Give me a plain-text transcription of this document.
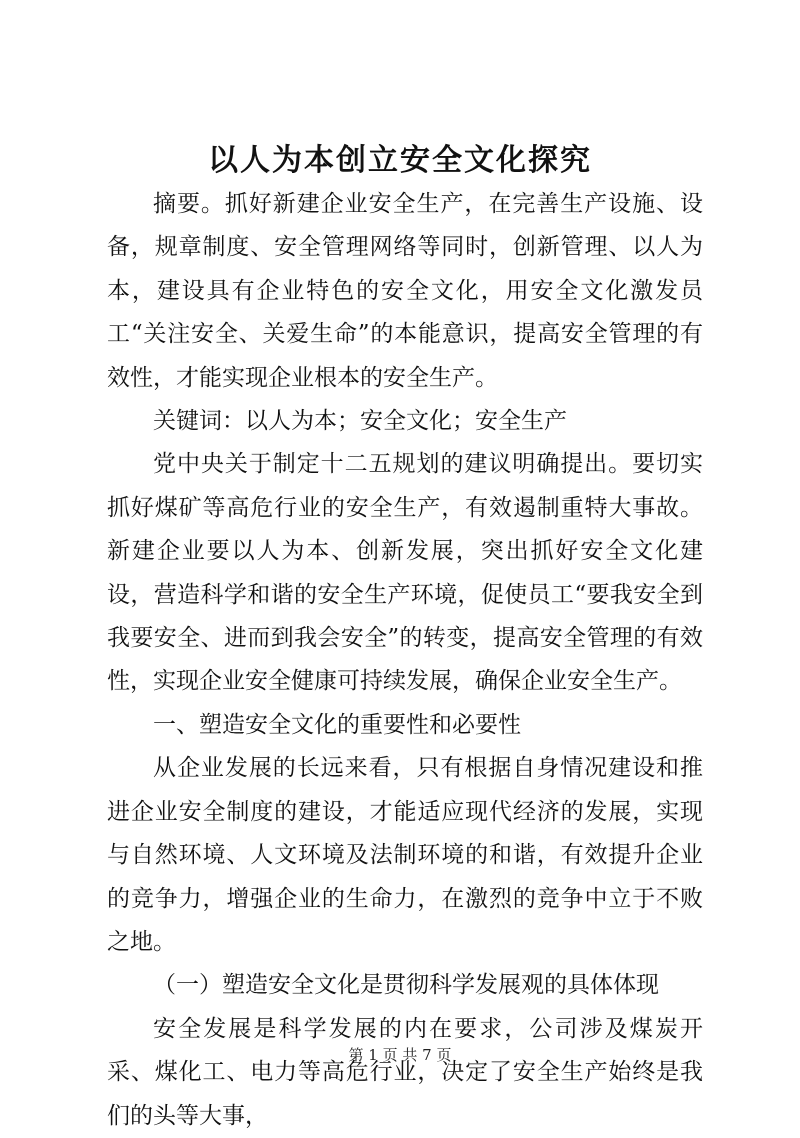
以人为本创立安全文化探究

摘要。抓好新建企业安全生产，在完善生产设施、设备，规章制度、安全管理网络等同时，创新管理、以人为本，建设具有企业特色的安全文化，用安全文化激发员工“关注安全、关爱生命”的本能意识，提高安全管理的有效性，才能实现企业根本的安全生产。

关键词：以人为本；安全文化；安全生产

党中央关于制定十二五规划的建议明确提出。要切实抓好煤矿等高危行业的安全生产，有效遏制重特大事故。新建企业要以人为本、创新发展，突出抓好安全文化建设，营造科学和谐的安全生产环境，促使员工“要我安全到我要安全、进而到我会安全”的转变，提高安全管理的有效性，实现企业安全健康可持续发展，确保企业安全生产。

一、塑造安全文化的重要性和必要性

从企业发展的长远来看，只有根据自身情况建设和推进企业安全制度的建设，才能适应现代经济的发展，实现与自然环境、人文环境及法制环境的和谐，有效提升企业的竞争力，增强企业的生命力，在激烈的竞争中立于不败之地。

（一）塑造安全文化是贯彻科学发展观的具体体现

安全发展是科学发展的内在要求，公司涉及煤炭开采、煤化工、电力等高危行业，决定了安全生产始终是我们的头等大事，

第 1 页 共 7 页
